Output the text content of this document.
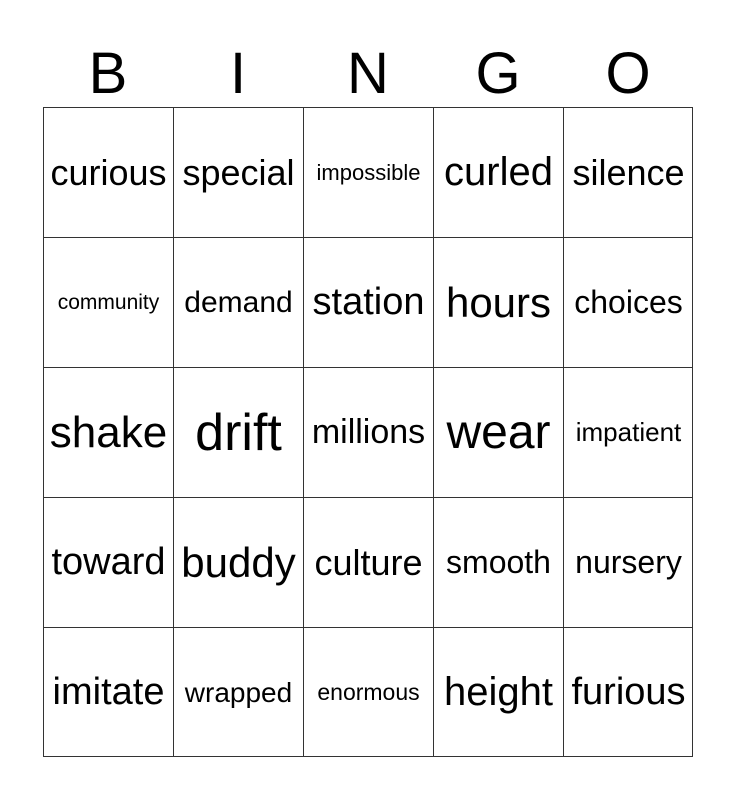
B	I	N	G	O
curious special	impossible curled silence
community demand station hours choices
shake drift millions wear impatient
toward buddy culture smooth nursery
imitate wrapped	enormous height furious
